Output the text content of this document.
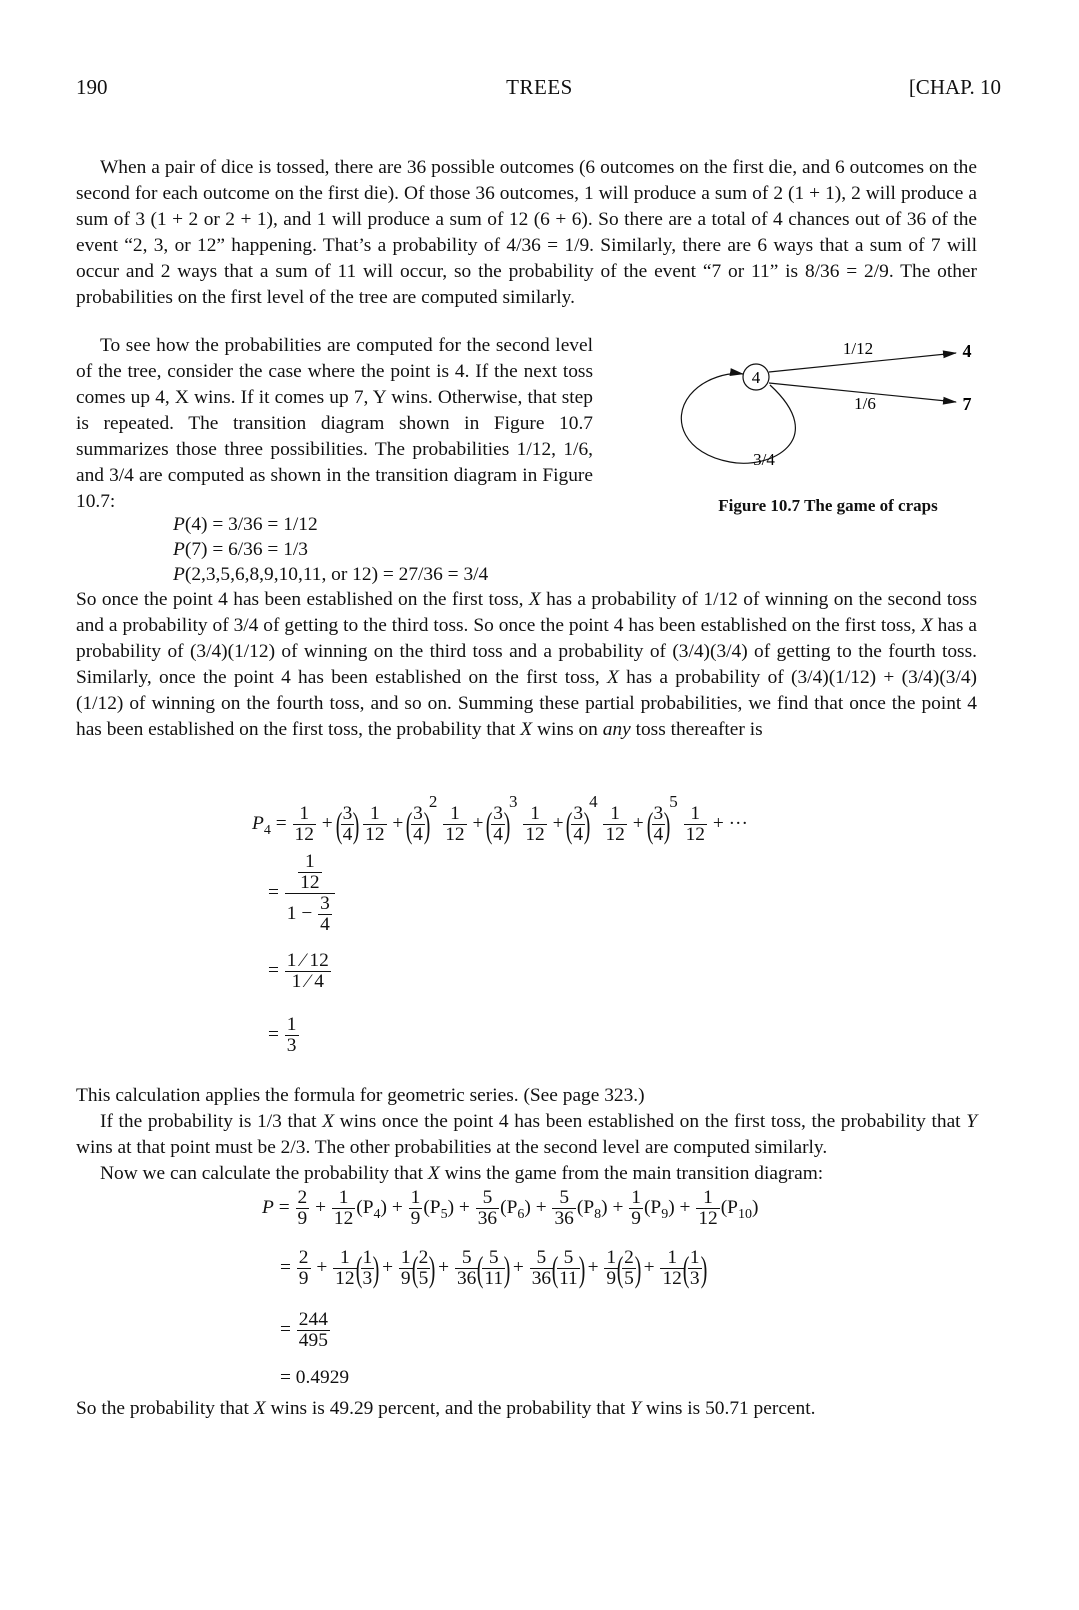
190	TREES	[CHAP. 10
When a pair of dice is tossed, there are 36 possible outcomes (6 outcomes on the first die, and 6 outcomes on the second for each outcome on the first die). Of those 36 outcomes, 1 will produce a sum of 2 (1 + 1), 2 will produce a sum of 3 (1 + 2 or 2 + 1), and 1 will produce a sum of 12 (6 + 6). So there are a total of 4 chances out of 36 of the event “2, 3, or 12” happening. That’s a probability of 4/36 = 1/9. Similarly, there are 6 ways that a sum of 7 will occur and 2 ways that a sum of 11 will occur, so the probability of the event “7 or 11” is 8/36 = 2/9. The other probabilities on the first level of the tree are computed similarly.
To see how the probabilities are computed for the second level of the tree, consider the case where the point is 4. If the next toss comes up 4, X wins. If it comes up 7, Y wins. Otherwise, that step is repeated. The transition diagram shown in Figure 10.7 summarizes those three possibilities. The probabilities 1/12, 1/6, and 3/4 are computed as shown in the transition diagram in Figure 10.7:
P(4) = 3/36 = 1/12
P(7) = 6/36 = 1/3
P(2,3,5,6,8,9,10,11, or 12) = 27/36 = 3/4
4
1/12
1/6
3/4
4
7
Figure 10.7 The game of craps
So once the point 4 has been established on the first toss, X has a probability of 1/12 of winning on the second toss and a probability of 3/4 of getting to the third toss. So once the point 4 has been established on the first toss, X has a probability of (3/4)(1/12) of winning on the third toss and a probability of (3/4)(3/4) of getting to the fourth toss. Similarly, once the point 4 has been established on the first toss, X has a probability of (3/4)(1/12) + (3/4)(3/4)(1/12) of winning on the fourth toss, and so on. Summing these partial probabilities, we find that once the point 4 has been established on the first toss, the probability that X wins on any toss thereafter is
$P_4 = \frac{1}{12}$ + (
$\frac{3}{4}$
) $\frac{1}{12}$ + (
$\frac{3}{4}$
)2
$\frac{1}{12}$ + (
$\frac{3}{4}$
)3
$\frac{1}{12}$ + (
$\frac{3}{4}$
)4
$\frac{1}{12}$ + (
$\frac{3}{4}$
)5
$\frac{1}{12}$ + ···
= $\frac{\frac{1}{12}}{1 - \frac{3}{4}}$
= $\frac{1 ⁄ 12}{1 ⁄ 4}$
= $\frac{1}{3}$
This calculation applies the formula for geometric series. (See page 323.)
If the probability is 1/3 that X wins once the point 4 has been established on the first toss, the probability that Y wins at that point must be 2/3. The other probabilities at the second level are computed similarly.
Now we can calculate the probability that X wins the game from the main transition diagram:
$P = \frac{2}{9} + \frac{1}{12} (P_4) + \frac{1}{9} (P_5) + \frac{5}{36} (P_6) + \frac{5}{36} (P_8) + \frac{1}{9} (P_9) + \frac{1}{12} (P_{10})$
= $\frac{2}{9} + \frac{1}{12}$
(
$\frac{1}{3}$
) + $\frac{1}{9}$
(
$\frac{2}{5}$
) + $\frac{5}{36}$
(
$\frac{5}{11}$
) + $\frac{5}{36}$
(
$\frac{5}{11}$
) + $\frac{1}{9}$
(
$\frac{2}{5}$
) + $\frac{1}{12}$
(
$\frac{1}{3}$
)
= $\frac{244}{495}$
= 0.4929
So the probability that X wins is 49.29 percent, and the probability that Y wins is 50.71 percent.
